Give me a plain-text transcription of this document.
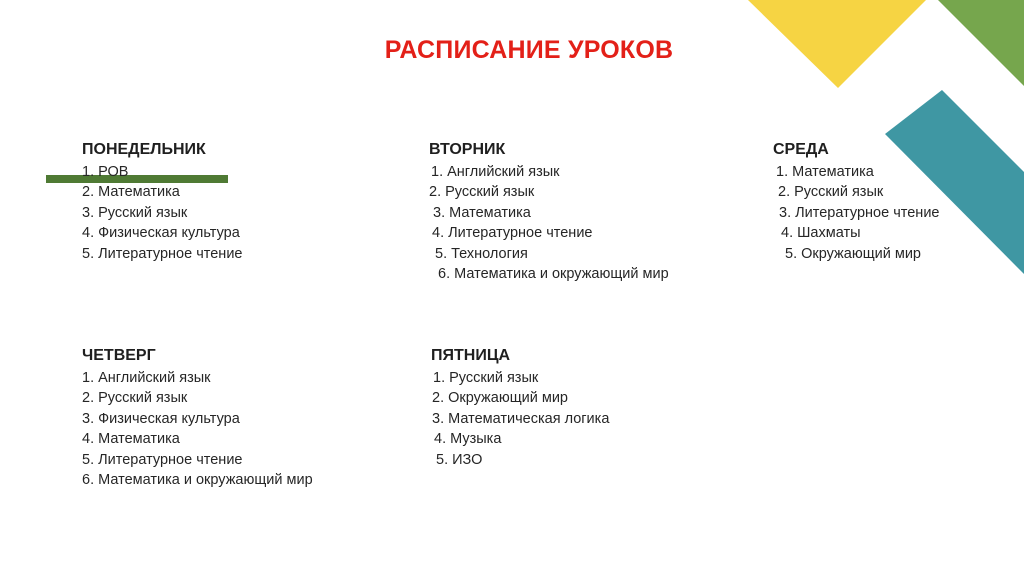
РАСПИСАНИЕ УРОКОВ
ПОНЕДЕЛЬНИК
1. РОВ
2. Математика
3. Русский язык
4. Физическая культура
5. Литературное чтение
ВТОРНИК
1. Английский язык
2. Русский язык
3. Математика
4. Литературное чтение
5. Технология
6. Математика и окружающий мир
СРЕДА
1. Математика
2. Русский язык
3. Литературное чтение
4. Шахматы
5. Окружающий мир
ЧЕТВЕРГ
1. Английский язык
2. Русский язык
3. Физическая культура
4. Математика
5. Литературное чтение
6. Математика и окружающий мир
ПЯТНИЦА
1. Русский язык
2. Окружающий мир
3. Математическая логика
4. Музыка
5. ИЗО
